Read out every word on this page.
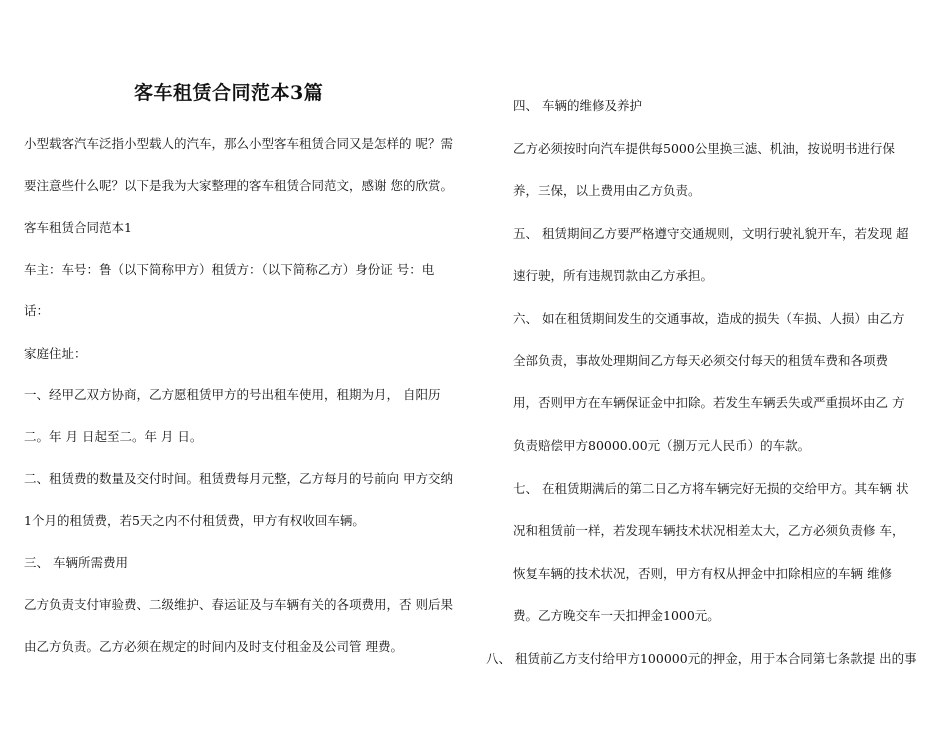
客车租赁合同范本3篇
小型载客汽车泛指小型载人的汽车，那么小型客车租赁合同又是怎样的 呢？需
要注意些什么呢？以下是我为大家整理的客车租赁合同范文，感谢 您的欣赏。
客车租赁合同范本1
车主：车号：鲁（以下简称甲方）租赁方：（以下简称乙方）身份证 号：电
话：
家庭住址：
一、经甲乙双方协商，乙方愿租赁甲方的号出租车使用，租期为月， 自阳历
二。年 月 日起至二。年 月 日。
二、租赁费的数量及交付时间。租赁费每月元整，乙方每月的号前向 甲方交纳
1个月的租赁费，若5天之内不付租赁费，甲方有权收回车辆。
三、 车辆所需费用
乙方负责支付审验费、二级维护、春运证及与车辆有关的各项费用，否 则后果
由乙方负责。乙方必须在规定的时间内及时支付租金及公司管 理费。
四、 车辆的维修及养护
乙方必须按时向汽车提供每5000公里换三滤、机油，按说明书进行保
养，三保，以上费用由乙方负责。
五、 租赁期间乙方要严格遵守交通规则，文明行驶礼貌开车，若发现 超
速行驶，所有违规罚款由乙方承担。
六、 如在租赁期间发生的交通事故，造成的损失（车损、人损）由乙方
全部负责，事故处理期间乙方每天必须交付每天的租赁车费和各项费
用，否则甲方在车辆保证金中扣除。若发生车辆丢失或严重损坏由乙 方
负责赔偿甲方80000.00元（捌万元人民币）的车款。
七、 在租赁期满后的第二日乙方将车辆完好无损的交给甲方。其车辆 状
况和租赁前一样，若发现车辆技术状况相差太大，乙方必须负责修 车，
恢复车辆的技术状况，否则，甲方有权从押金中扣除相应的车辆 维修
费。乙方晚交车一天扣押金1000元。
八、 租赁前乙方支付给甲方100000元的押金，用于本合同第七条款提 出的事
